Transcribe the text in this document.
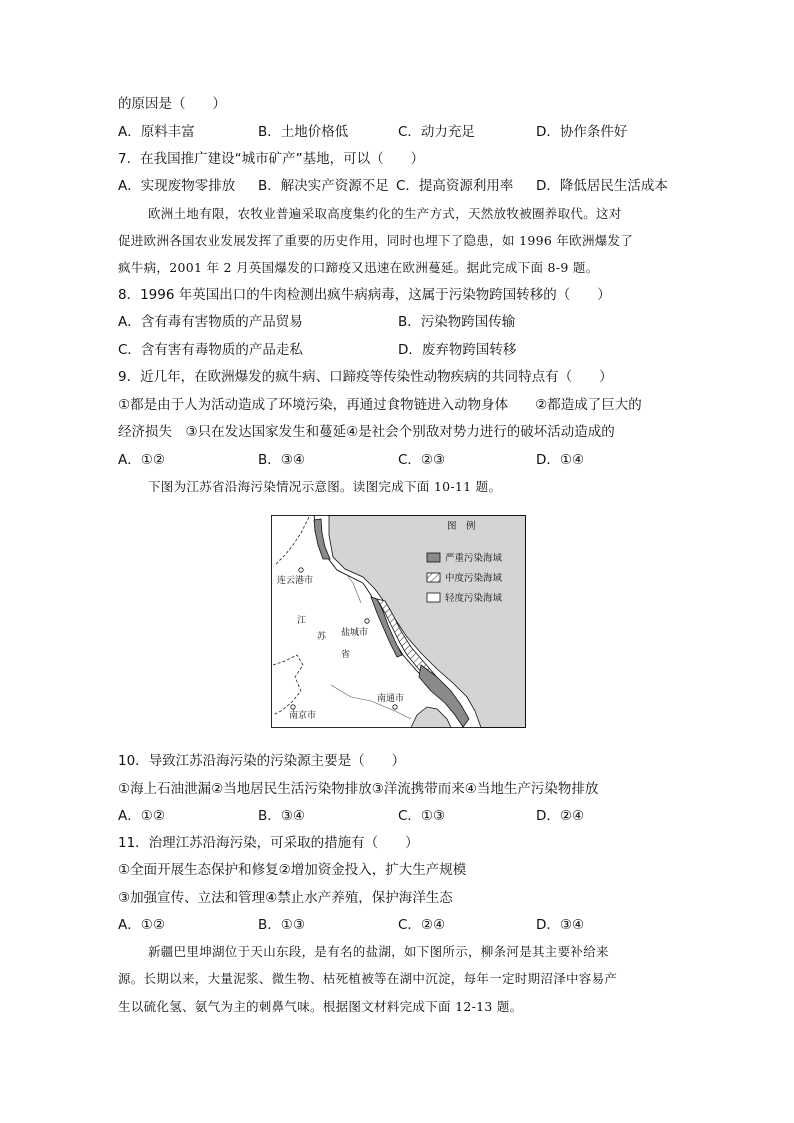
的原因是（　　）
A．原料丰富	B．土地价格低	C．动力充足	D．协作条件好
7．在我国推广建设“城市矿产”基地，可以（　　）
A．实现废物零排放 B．解决实产资源不足 C．提高资源利用率 D．降低居民生活成本
欧洲土地有限，农牧业普遍采取高度集约化的生产方式，天然放牧被圈养取代。这对
促进欧洲各国农业发展发挥了重要的历史作用，同时也埋下了隐患，如 1996 年欧洲爆发了
疯牛病，2001 年 2 月英国爆发的口蹄疫又迅速在欧洲蔓延。据此完成下面 8-9 题。
8．1996 年英国出口的牛肉检测出疯牛病病毒，这属于污染物跨国转移的（　　）
A．含有毒有害物质的产品贸易	B．污染物跨国传输
C．含有害有毒物质的产品走私	D．废弃物跨国转移
9．近几年，在欧洲爆发的疯牛病、口蹄疫等传染性动物疾病的共同特点有（　　）
①都是由于人为活动造成了环境污染，再通过食物链进入动物身体　　②都造成了巨大的
经济损失　③只在发达国家发生和蔓延④是社会个别敌对势力进行的破坏活动造成的
A．①②	B．③④	C．②③	D．①④
下图为江苏省沿海污染情况示意图。读图完成下面 10-11 题。
连云港市
盐城市
南通市
南京市
江
苏
省
图　例
严重污染海域
中度污染海域
轻度污染海域
10．导致江苏沿海污染的污染源主要是（　　）
①海上石油泄漏②当地居民生活污染物排放③洋流携带而来④当地生产污染物排放
A．①②	B．③④	C．①③	D．②④
11．治理江苏沿海污染，可采取的措施有（　　）
①全面开展生态保护和修复②增加资金投入，扩大生产规模
③加强宣传、立法和管理④禁止水产养殖，保护海洋生态
A．①②	B．①③	C．②④	D．③④
新疆巴里坤湖位于天山东段，是有名的盐湖，如下图所示，柳条河是其主要补给来
源。长期以来，大量泥浆、微生物、枯死植被等在湖中沉淀，每年一定时期沼泽中容易产
生以硫化氢、氨气为主的刺鼻气味。根据图文材料完成下面 12-13 题。
